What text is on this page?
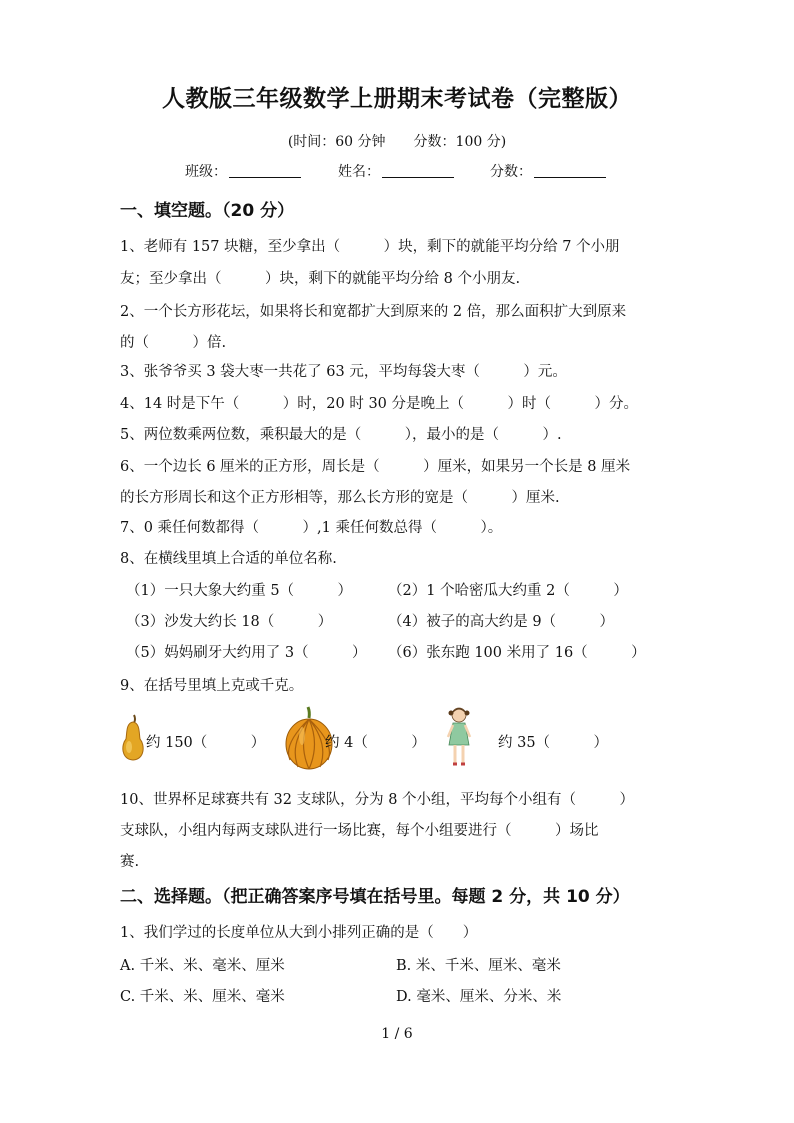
人教版三年级数学上册期末考试卷（完整版）
(时间：60 分钟　　分数：100 分)
班级：	姓名：	分数：
一、填空题。（20 分）
1、老师有 157 块糖，至少拿出（　　　）块，剩下的就能平均分给 7 个小朋
友；至少拿出（　　　）块，剩下的就能平均分给 8 个小朋友.
2、一个长方形花坛，如果将长和宽都扩大到原来的 2 倍，那么面积扩大到原来
的（　　　）倍.
3、张爷爷买 3 袋大枣一共花了 63 元，平均每袋大枣（　　　）元。
4、14 时是下午（　　　）时，20 时 30 分是晚上（　　　）时（　　　）分。
5、两位数乘两位数，乘积最大的是（　　　），最小的是（　　　）.
6、一个边长 6 厘米的正方形，周长是（　　　）厘米，如果另一个长是 8 厘米
的长方形周长和这个正方形相等，那么长方形的宽是（　　　）厘米.
7、0 乘任何数都得（　　　）,1 乘任何数总得（　　　）。
8、在横线里填上合适的单位名称.
（1）一只大象大约重 5（　　　） （2）1 个哈密瓜大约重 2（　　　）
（3）沙发大约长 18（　　　）	（4）被子的高大约是 9（　　　）
（5）妈妈刷牙大约用了 3（　　　） （6）张东跑 100 米用了 16（　　　）
9、在括号里填上克或千克。
约 150（　　　）	约 4（　　　）	约 35（　　　）
10、世界杯足球赛共有 32 支球队，分为 8 个小组，平均每个小组有（　　　）
支球队，小组内每两支球队进行一场比赛，每个小组要进行（　　　）场比
赛.
二、选择题。（把正确答案序号填在括号里。每题 2 分，共 10 分）
1、我们学过的长度单位从大到小排列正确的是（　　）
A. 千米、米、毫米、厘米	B. 米、千米、厘米、毫米
C. 千米、米、厘米、毫米	D. 毫米、厘米、分米、米
1 / 6
